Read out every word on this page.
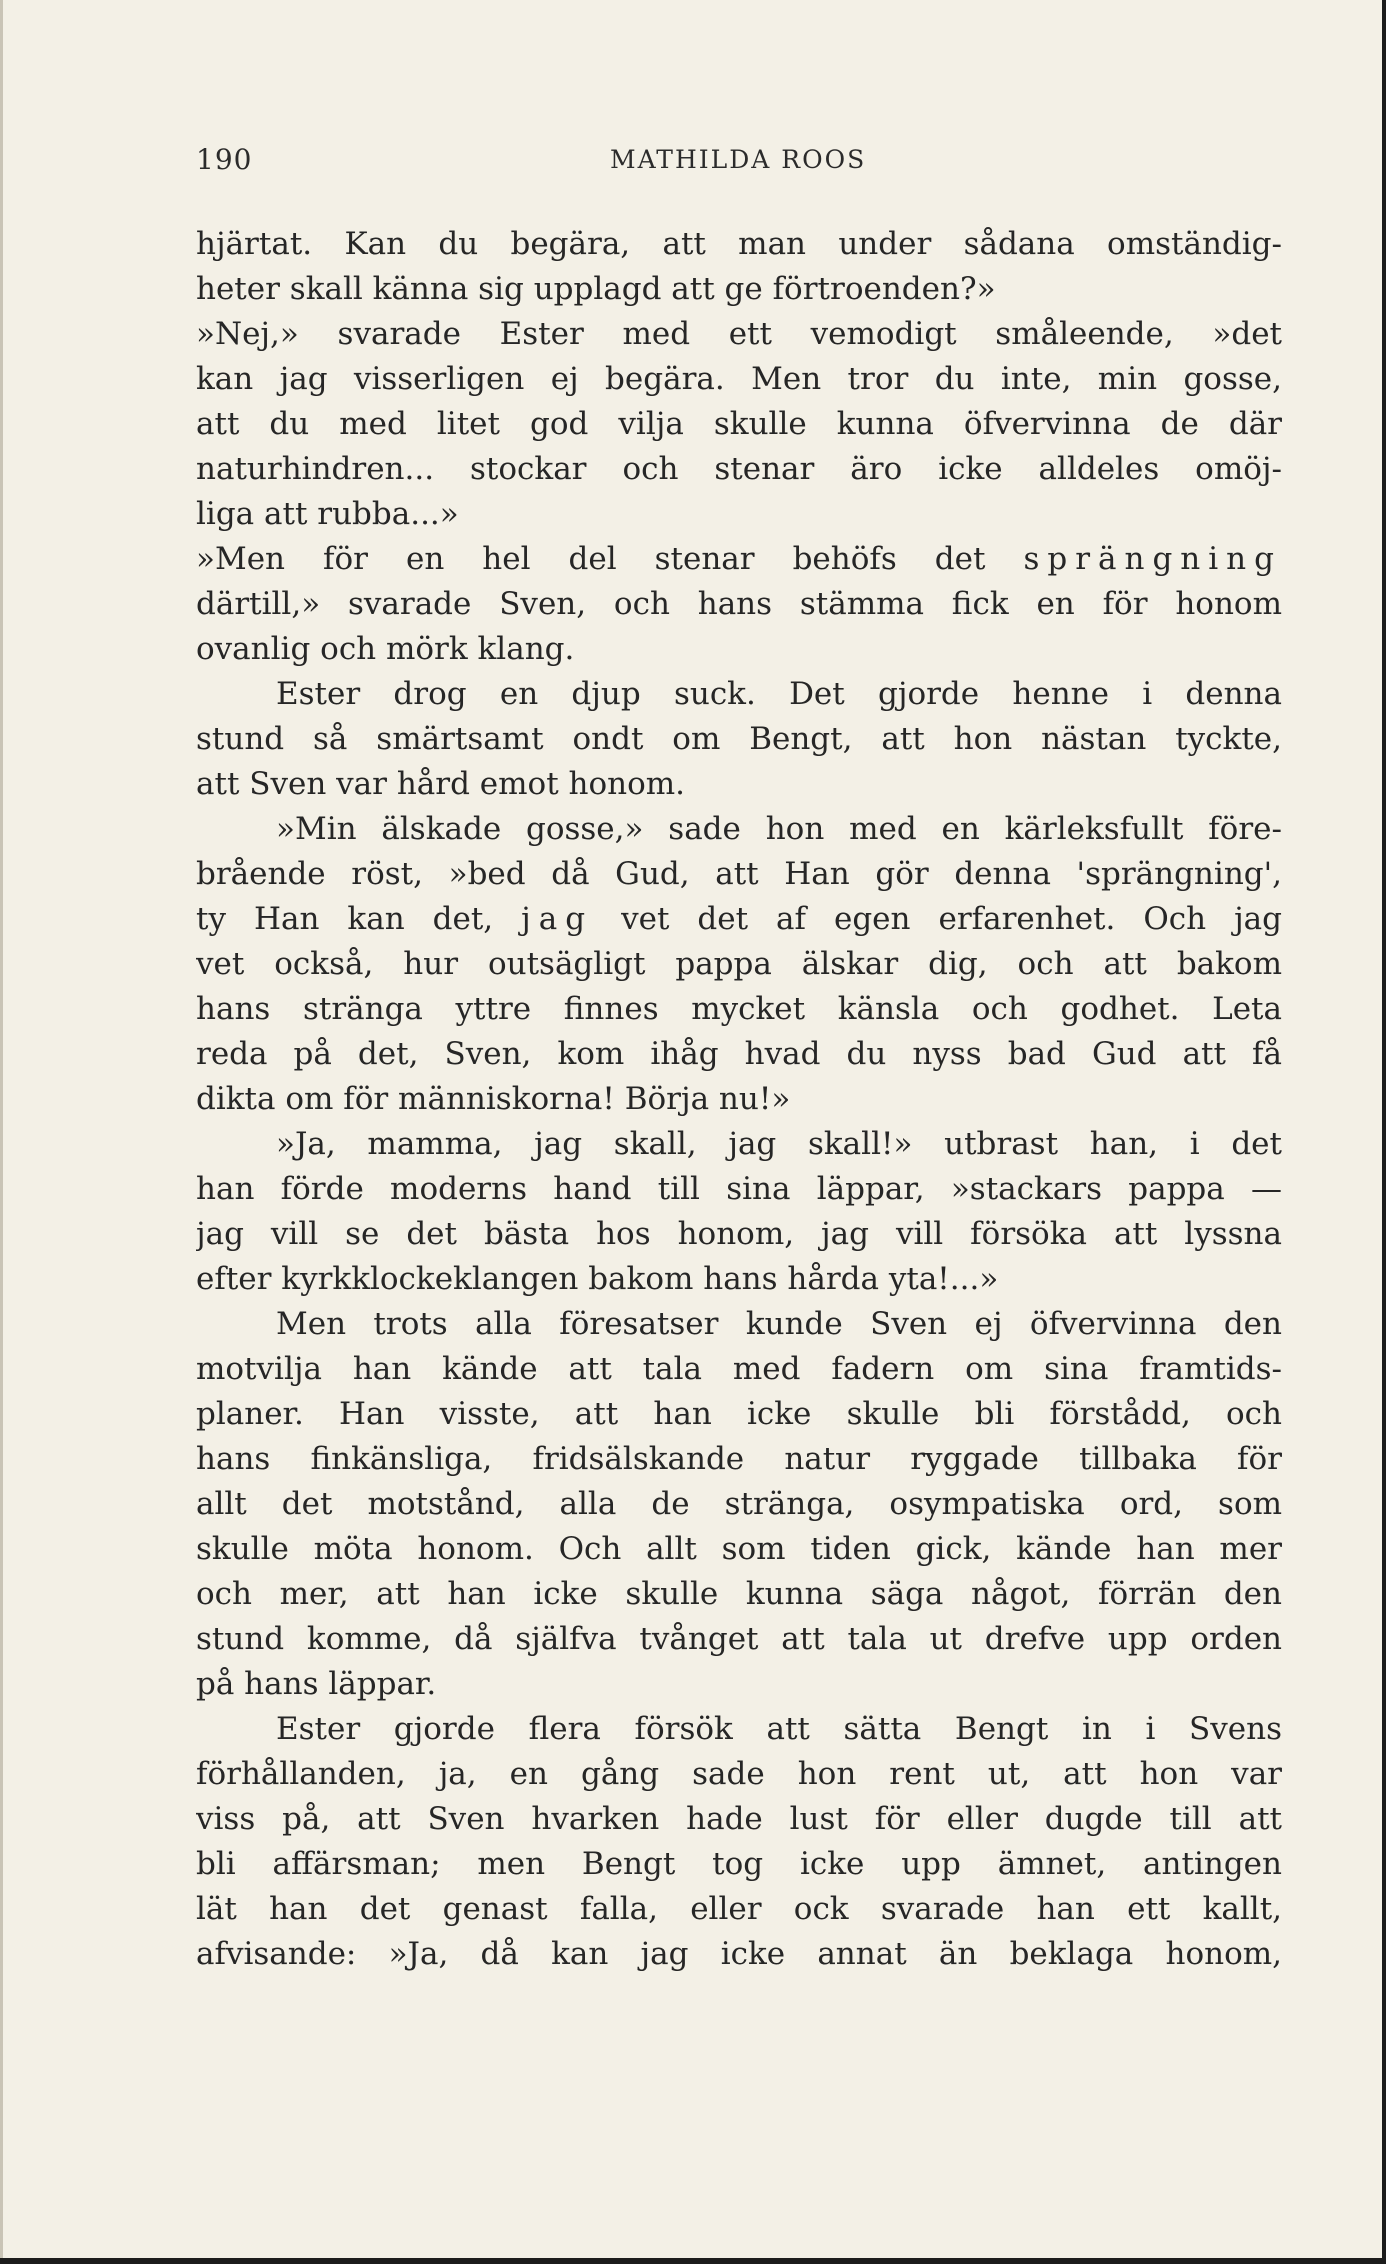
190	MATHILDA ROOS
hjärtat. Kan du begära, att man under sådana omständig-
heter skall känna sig upplagd att ge förtroenden?»
»Nej,» svarade Ester med ett vemodigt småleende, »det
kan jag visserligen ej begära. Men tror du inte, min gosse,
att du med litet god vilja skulle kunna öfvervinna de där
naturhindren... stockar och stenar äro icke alldeles omöj-
liga att rubba...»
»Men för en hel del stenar behöfs det sprängning
därtill,» svarade Sven, och hans stämma fick en för honom
ovanlig och mörk klang.
Ester drog en djup suck. Det gjorde henne i denna
stund så smärtsamt ondt om Bengt, att hon nästan tyckte,
att Sven var hård emot honom.
»Min älskade gosse,» sade hon med en kärleksfullt före-
brående röst, »bed då Gud, att Han gör denna 'sprängning',
ty Han kan det, jag vet det af egen erfarenhet. Och jag
vet också, hur outsägligt pappa älskar dig, och att bakom
hans stränga yttre finnes mycket känsla och godhet. Leta
reda på det, Sven, kom ihåg hvad du nyss bad Gud att få
dikta om för människorna! Börja nu!»
»Ja, mamma, jag skall, jag skall!» utbrast han, i det
han förde moderns hand till sina läppar, »stackars pappa —
jag vill se det bästa hos honom, jag vill försöka att lyssna
efter kyrkklockeklangen bakom hans hårda yta!...»
Men trots alla föresatser kunde Sven ej öfvervinna den
motvilja han kände att tala med fadern om sina framtids-
planer. Han visste, att han icke skulle bli förstådd, och
hans finkänsliga, fridsälskande natur ryggade tillbaka för
allt det motstånd, alla de stränga, osympatiska ord, som
skulle möta honom. Och allt som tiden gick, kände han mer
och mer, att han icke skulle kunna säga något, förrän den
stund komme, då själfva tvånget att tala ut drefve upp orden
på hans läppar.
Ester gjorde flera försök att sätta Bengt in i Svens
förhållanden, ja, en gång sade hon rent ut, att hon var
viss på, att Sven hvarken hade lust för eller dugde till att
bli affärsman; men Bengt tog icke upp ämnet, antingen
lät han det genast falla, eller ock svarade han ett kallt,
afvisande: »Ja, då kan jag icke annat än beklaga honom,
